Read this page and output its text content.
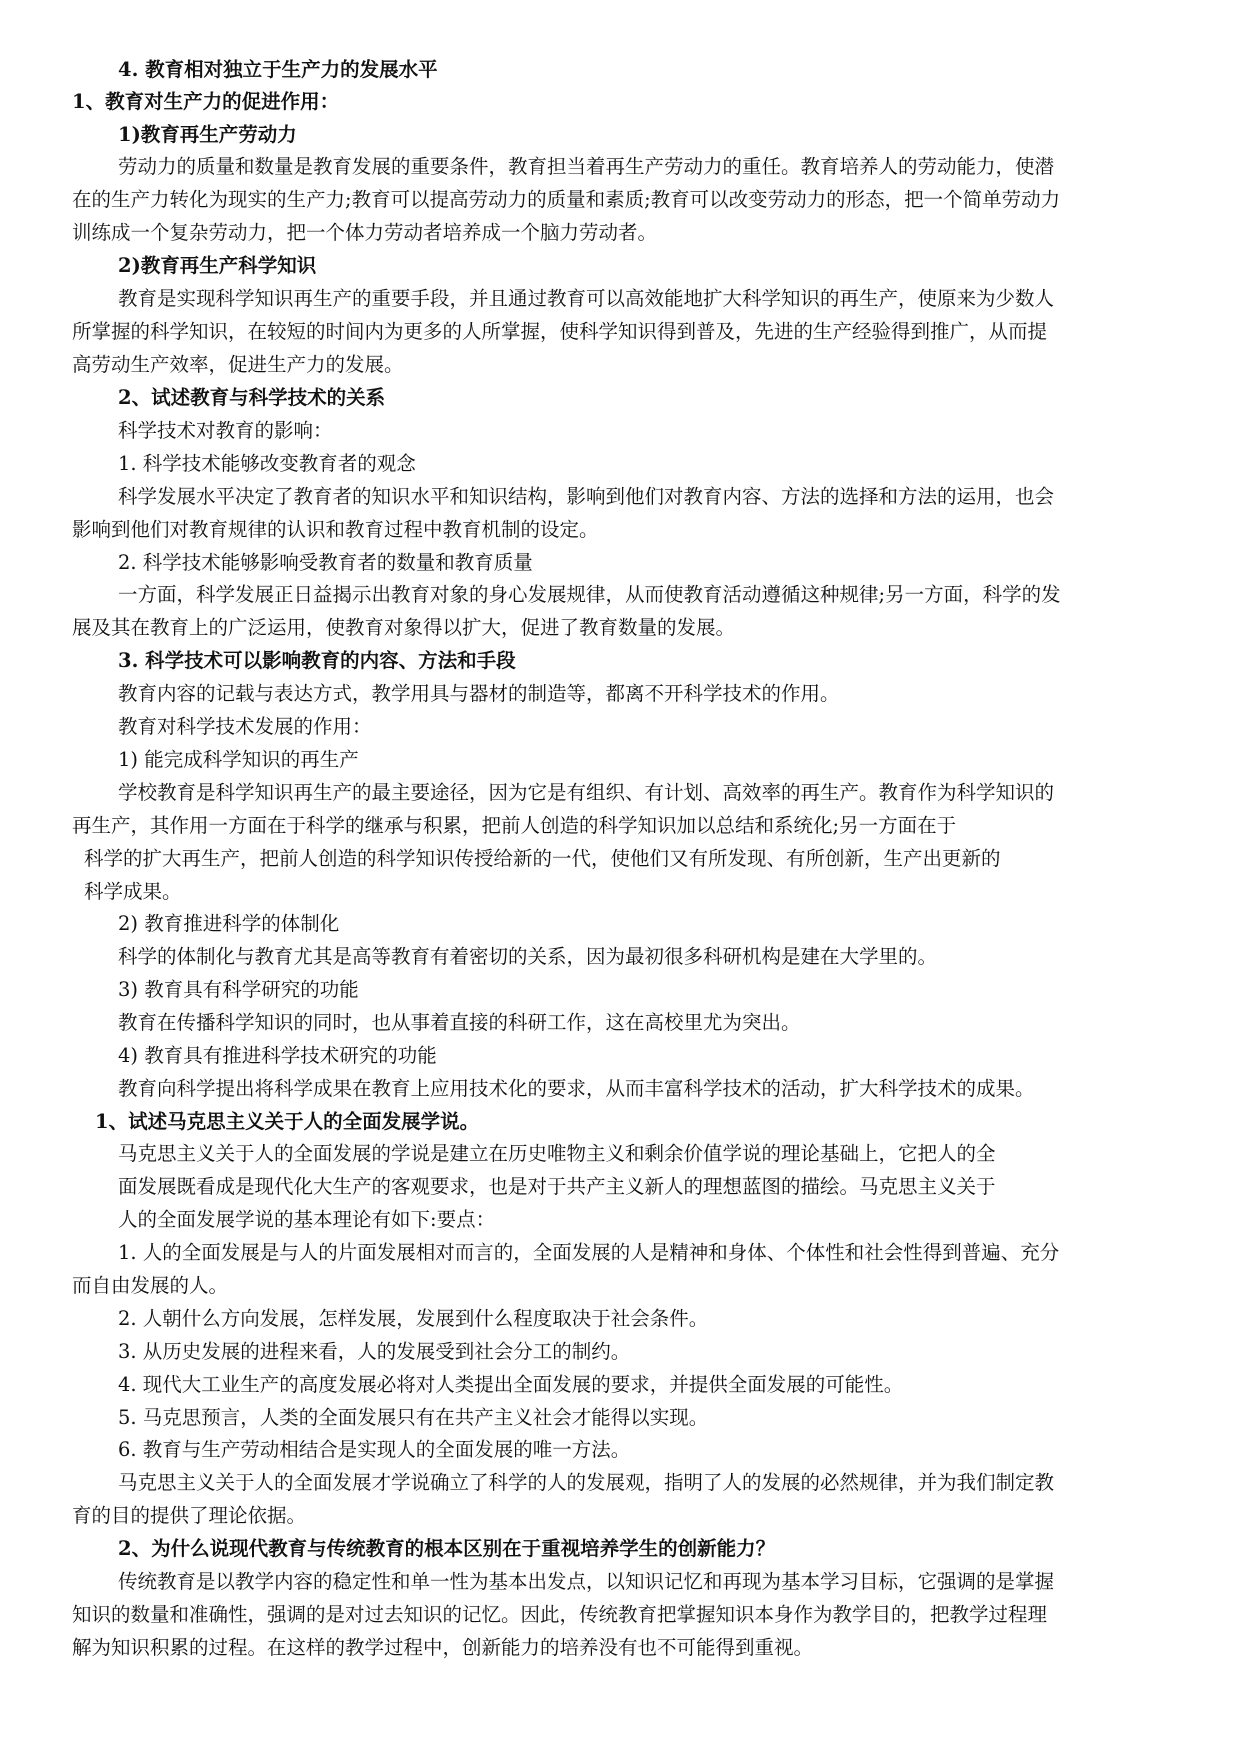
4. 教育相对独立于生产力的发展水平
1、教育对生产力的促进作用：
1)教育再生产劳动力
劳动力的质量和数量是教育发展的重要条件，教育担当着再生产劳动力的重任。教育培养人的劳动能力，使潜
在的生产力转化为现实的生产力;教育可以提高劳动力的质量和素质;教育可以改变劳动力的形态，把一个简单劳动力
训练成一个复杂劳动力，把一个体力劳动者培养成一个脑力劳动者。
2)教育再生产科学知识
教育是实现科学知识再生产的重要手段，并且通过教育可以高效能地扩大科学知识的再生产，使原来为少数人
所掌握的科学知识，在较短的时间内为更多的人所掌握，使科学知识得到普及，先进的生产经验得到推广，从而提
高劳动生产效率，促进生产力的发展。
2、试述教育与科学技术的关系
科学技术对教育的影响：
1. 科学技术能够改变教育者的观念
科学发展水平决定了教育者的知识水平和知识结构，影响到他们对教育内容、方法的选择和方法的运用，也会
影响到他们对教育规律的认识和教育过程中教育机制的设定。
2. 科学技术能够影响受教育者的数量和教育质量
一方面，科学发展正日益揭示出教育对象的身心发展规律，从而使教育活动遵循这种规律;另一方面，科学的发
展及其在教育上的广泛运用，使教育对象得以扩大，促进了教育数量的发展。
3. 科学技术可以影响教育的内容、方法和手段
教育内容的记载与表达方式，教学用具与器材的制造等，都离不开科学技术的作用。
教育对科学技术发展的作用：
1) 能完成科学知识的再生产
学校教育是科学知识再生产的最主要途径，因为它是有组织、有计划、高效率的再生产。教育作为科学知识的
再生产，其作用一方面在于科学的继承与积累，把前人创造的科学知识加以总结和系统化;另一方面在于
科学的扩大再生产，把前人创造的科学知识传授给新的一代，使他们又有所发现、有所创新，生产出更新的
科学成果。
2) 教育推进科学的体制化
科学的体制化与教育尤其是高等教育有着密切的关系，因为最初很多科研机构是建在大学里的。
3) 教育具有科学研究的功能
教育在传播科学知识的同时，也从事着直接的科研工作，这在高校里尤为突出。
4) 教育具有推进科学技术研究的功能
教育向科学提出将科学成果在教育上应用技术化的要求，从而丰富科学技术的活动，扩大科学技术的成果。
1、试述马克思主义关于人的全面发展学说。
马克思主义关于人的全面发展的学说是建立在历史唯物主义和剩余价值学说的理论基础上，它把人的全
面发展既看成是现代化大生产的客观要求，也是对于共产主义新人的理想蓝图的描绘。马克思主义关于
人的全面发展学说的基本理论有如下:要点：
1. 人的全面发展是与人的片面发展相对而言的，全面发展的人是精神和身体、个体性和社会性得到普遍、充分
而自由发展的人。
2. 人朝什么方向发展，怎样发展，发展到什么程度取决于社会条件。
3. 从历史发展的进程来看，人的发展受到社会分工的制约。
4. 现代大工业生产的高度发展必将对人类提出全面发展的要求，并提供全面发展的可能性。
5. 马克思预言，人类的全面发展只有在共产主义社会才能得以实现。
6. 教育与生产劳动相结合是实现人的全面发展的唯一方法。
马克思主义关于人的全面发展才学说确立了科学的人的发展观，指明了人的发展的必然规律，并为我们制定教
育的目的提供了理论依据。
2、为什么说现代教育与传统教育的根本区别在于重视培养学生的创新能力？
传统教育是以教学内容的稳定性和单一性为基本出发点，以知识记忆和再现为基本学习目标，它强调的是掌握
知识的数量和准确性，强调的是对过去知识的记忆。因此，传统教育把掌握知识本身作为教学目的，把教学过程理
解为知识积累的过程。在这样的教学过程中，创新能力的培养没有也不可能得到重视。
